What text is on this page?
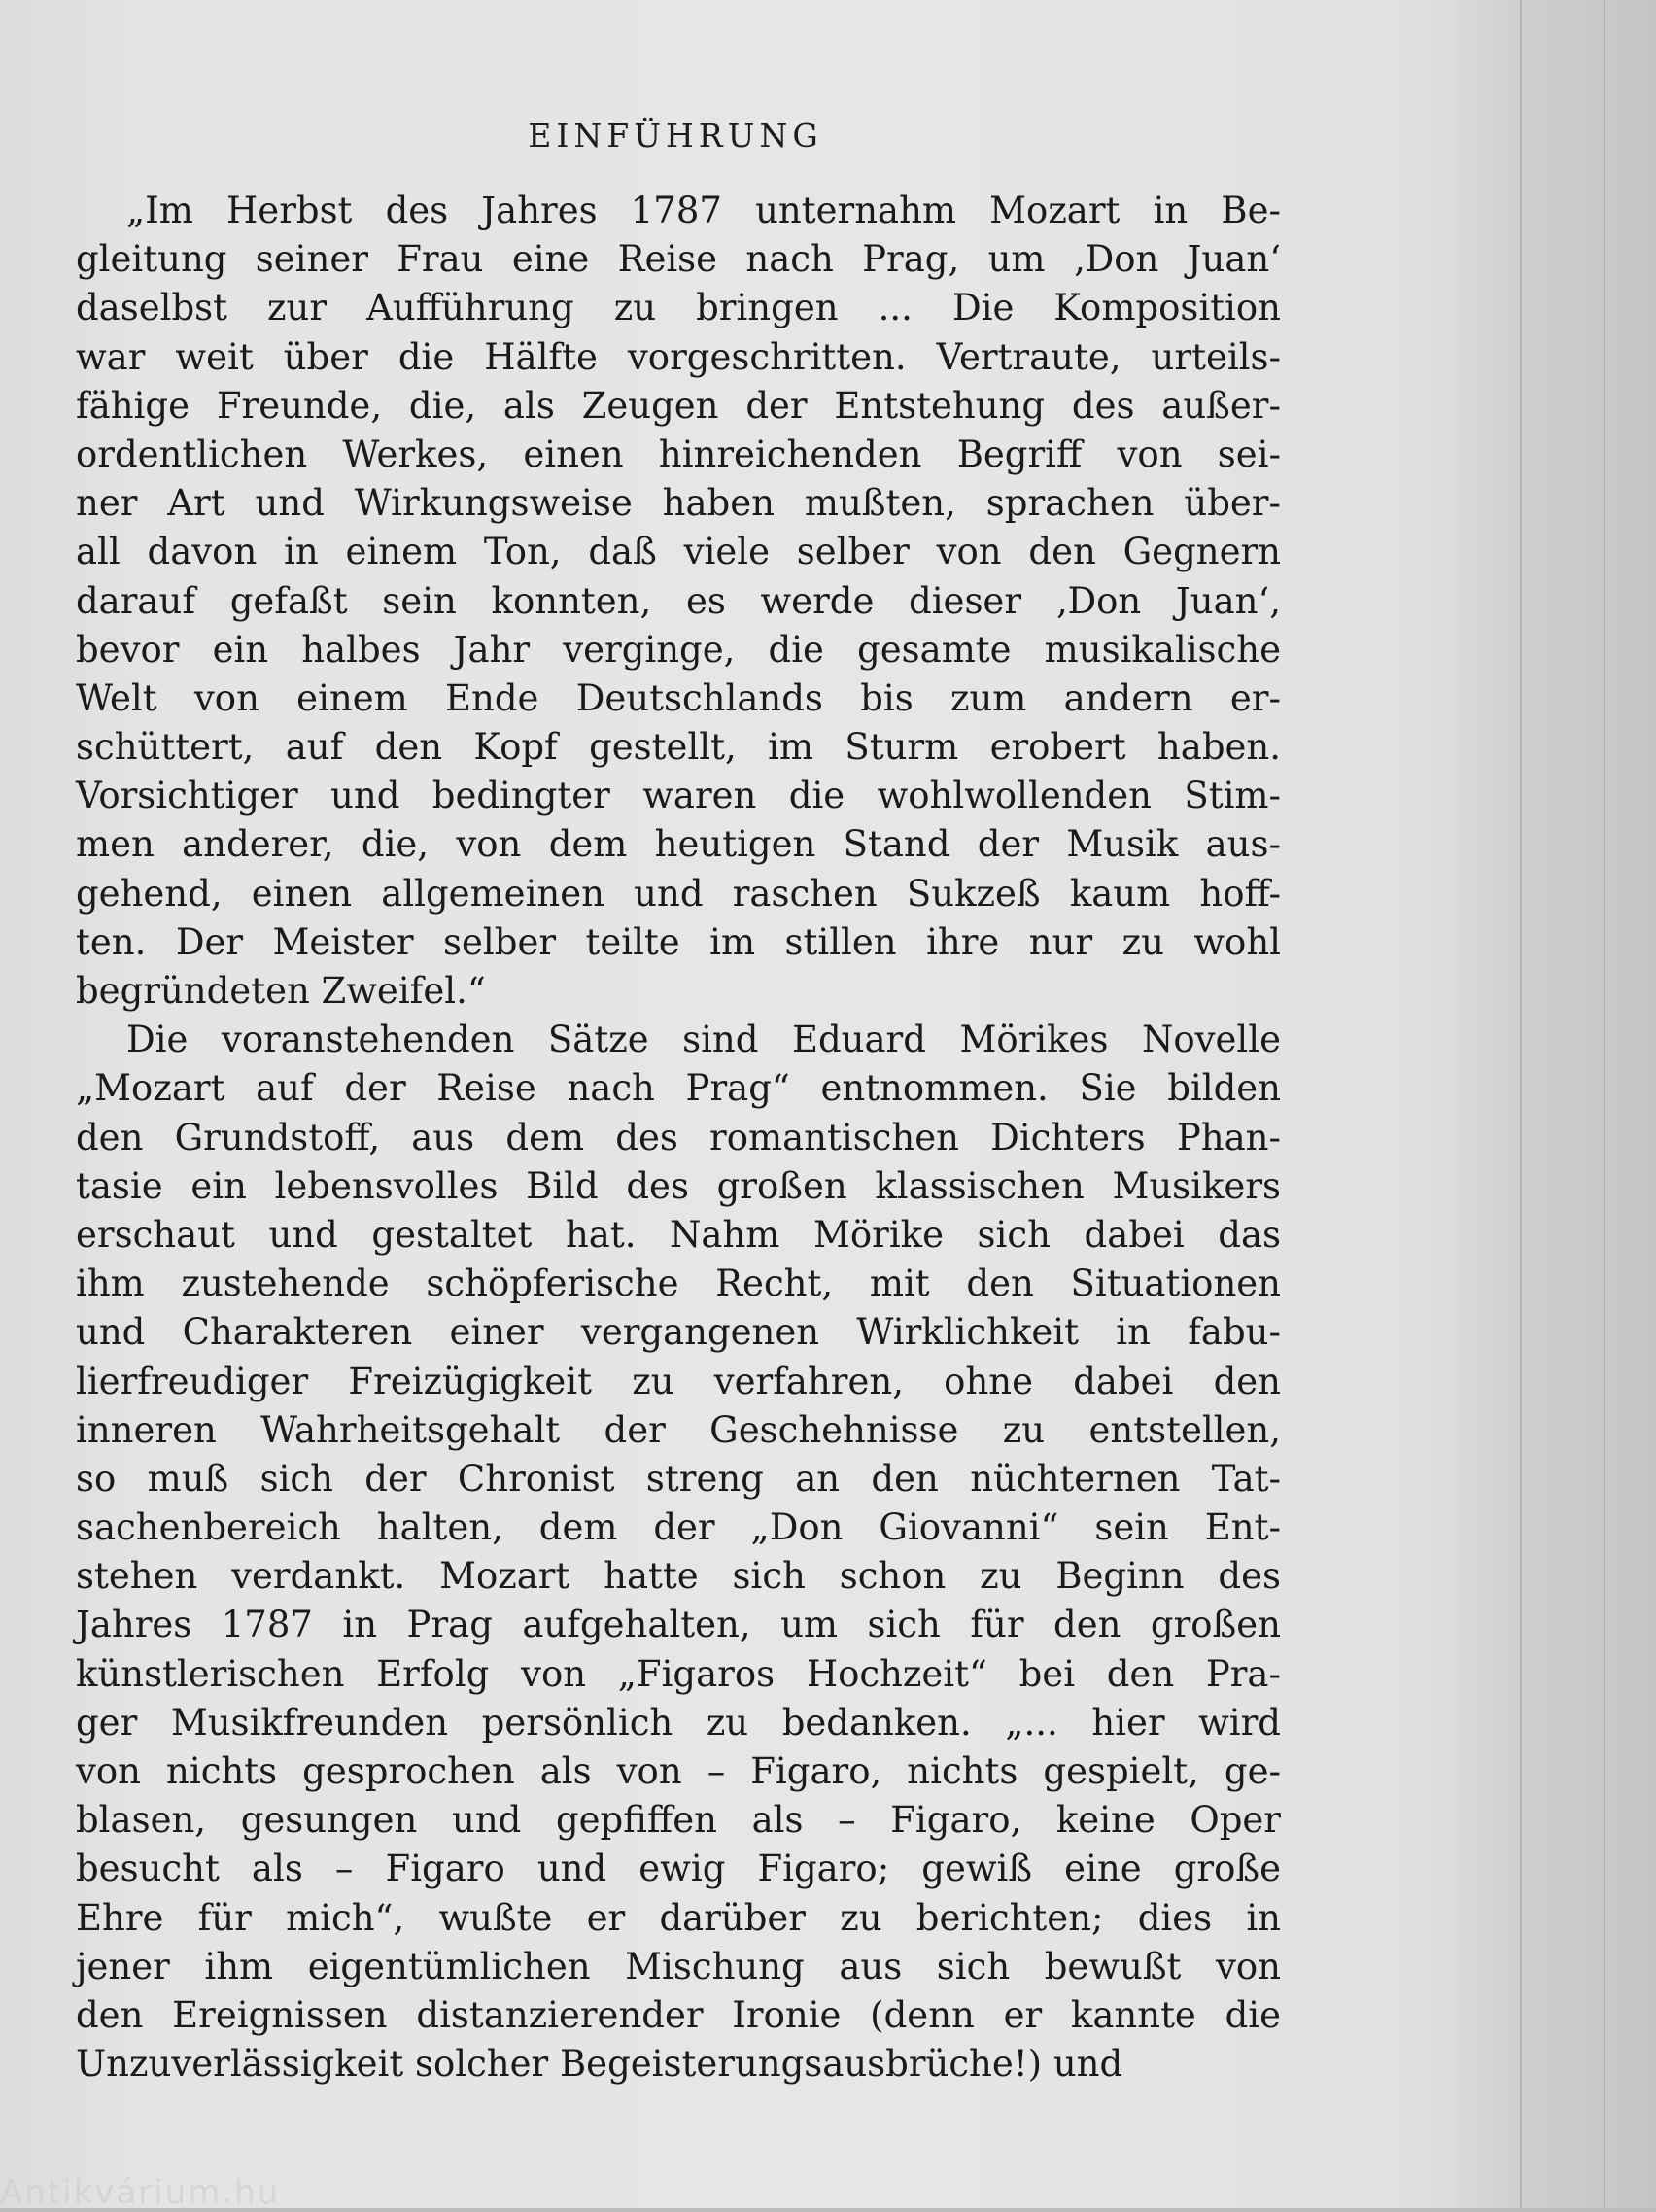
EINFÜHRUNG
„Im Herbst des Jahres 1787 unternahm Mozart in Be-
gleitung seiner Frau eine Reise nach Prag, um ‚Don Juan‘
daselbst zur Aufführung zu bringen ... Die Komposition
war weit über die Hälfte vorgeschritten. Vertraute, urteils-
fähige Freunde, die, als Zeugen der Entstehung des außer-
ordentlichen Werkes, einen hinreichenden Begriff von sei-
ner Art und Wirkungsweise haben mußten, sprachen über-
all davon in einem Ton, daß viele selber von den Gegnern
darauf gefaßt sein konnten, es werde dieser ‚Don Juan‘,
bevor ein halbes Jahr verginge, die gesamte musikalische
Welt von einem Ende Deutschlands bis zum andern er-
schüttert, auf den Kopf gestellt, im Sturm erobert haben.
Vorsichtiger und bedingter waren die wohlwollenden Stim-
men anderer, die, von dem heutigen Stand der Musik aus-
gehend, einen allgemeinen und raschen Sukzeß kaum hoff-
ten. Der Meister selber teilte im stillen ihre nur zu wohl
begründeten Zweifel.“
Die voranstehenden Sätze sind Eduard Mörikes Novelle
„Mozart auf der Reise nach Prag“ entnommen. Sie bilden
den Grundstoff, aus dem des romantischen Dichters Phan-
tasie ein lebensvolles Bild des großen klassischen Musikers
erschaut und gestaltet hat. Nahm Mörike sich dabei das
ihm zustehende schöpferische Recht, mit den Situationen
und Charakteren einer vergangenen Wirklichkeit in fabu-
lierfreudiger Freizügigkeit zu verfahren, ohne dabei den
inneren Wahrheitsgehalt der Geschehnisse zu entstellen,
so muß sich der Chronist streng an den nüchternen Tat-
sachenbereich halten, dem der „Don Giovanni“ sein Ent-
stehen verdankt. Mozart hatte sich schon zu Beginn des
Jahres 1787 in Prag aufgehalten, um sich für den großen
künstlerischen Erfolg von „Figaros Hochzeit“ bei den Pra-
ger Musikfreunden persönlich zu bedanken. „... hier wird
von nichts gesprochen als von – Figaro, nichts gespielt, ge-
blasen, gesungen und gepfiffen als – Figaro, keine Oper
besucht als – Figaro und ewig Figaro; gewiß eine große
Ehre für mich“, wußte er darüber zu berichten; dies in
jener ihm eigentümlichen Mischung aus sich bewußt von
den Ereignissen distanzierender Ironie (denn er kannte die
Unzuverlässigkeit solcher Begeisterungsausbrüche!) und
Antikvárium.hu
